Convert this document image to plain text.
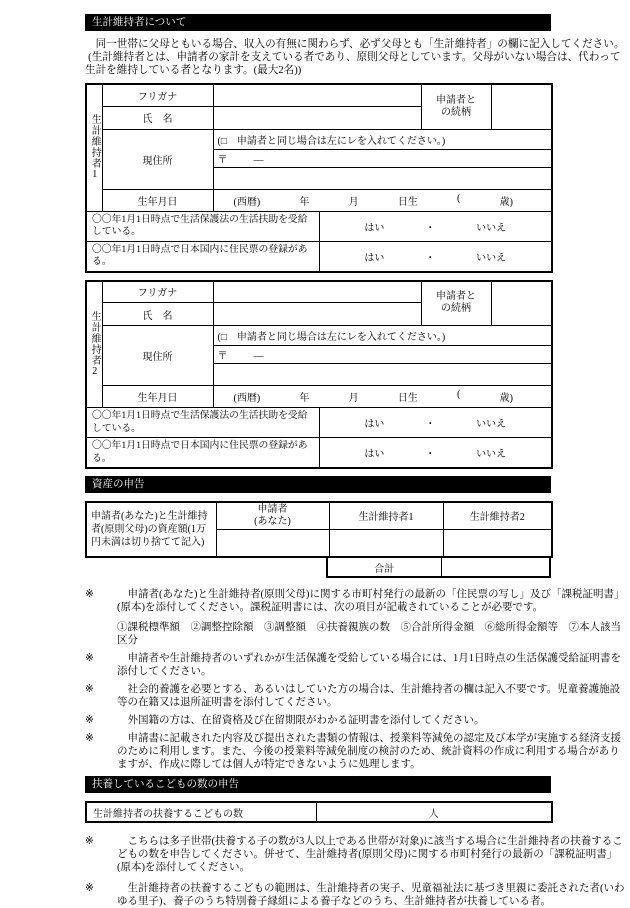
生計維持者について

同一世帯に父母ともいる場合、収入の有無に関わらず、必ず父母とも「生計維持者」の欄に記入してください。

(生計維持者とは、申請者の家計を支えている者であり、原則父母としています。父母がいない場合は、代わって生計を維持している者となります。(最大2名))

生計維持者1	フリガナ			申請者と
の続柄	

	氏　名				
	現住所	(□　申請者と同じ場合は左にレを入れてください。)			
		〒 ―			

生年月日	(西暦)	年	月	日生	(	歳)

〇〇年1月1日時点で生活保護法の生活扶助を受給している。			はい ・ いいえ		

〇〇年1月1日時点で日本国内に住民票の登録がある。			はい ・ いいえ		
生計維持者2	フリガナ			申請者と
の続柄	

	氏　名				
	現住所	(□　申請者と同じ場合は左にレを入れてください。)			
		〒 ―			

生年月日	(西暦)	年	月	日生	(	歳)

〇〇年1月1日時点で生活保護法の生活扶助を受給している。			はい ・ いいえ		

〇〇年1月1日時点で日本国内に住民票の登録がある。			はい ・ いいえ		
資産の申告
申請者(あなた)と生計維持者(原則父母)の資産額(1万円未満は切り捨てて記入)	申請者
(あなた)	生計維持者1	生計維持者2

合計	
※	申請者(あなた)と生計維持者(原則父母)に関する市町村発行の最新の「住民票の写し」及び「課税証明書」(原本)を添付してください。課税証明書には、次の項目が記載されていることが必要です。
①課税標準額　②調整控除額　③調整額　④扶養親族の数　⑤合計所得金額　⑥総所得金額等　⑦本人該当区分
※	申請者や生計維持者のいずれかが生活保護を受給している場合には、1月1日時点の生活保護受給証明書を添付してください。
※	社会的養護を必要とする、あるいはしていた方の場合は、生計維持者の欄は記入不要です。児童養護施設等の在籍又は退所証明書を添付してください。
※	外国籍の方は、在留資格及び在留期限がわかる証明書を添付してください。
※	申請書に記載された内容及び提出された書類の情報は、授業料等減免の認定及び本学が実施する経済支援のために利用します。また、今後の授業料等減免制度の検討のため、統計資料の作成に利用する場合がありますが、作成に際しては個人が特定できないように処理します。
扶養しているこどもの数の申告
生計維持者の扶養するこどもの数	人
※	こちらは多子世帯(扶養する子の数が3人以上である世帯が対象)に該当する場合に生計維持者の扶養するこどもの数を申告してください。併せて、生計維持者(原則父母)に関する市町村発行の最新の「課税証明書」(原本)を添付してください。
※	生計維持者の扶養するこどもの範囲は、生計維持者の実子、児童福祉法に基づき里親に委託された者(いわゆる里子)、養子のうち特別養子縁組による養子などのうち、生計維持者が扶養している者。
